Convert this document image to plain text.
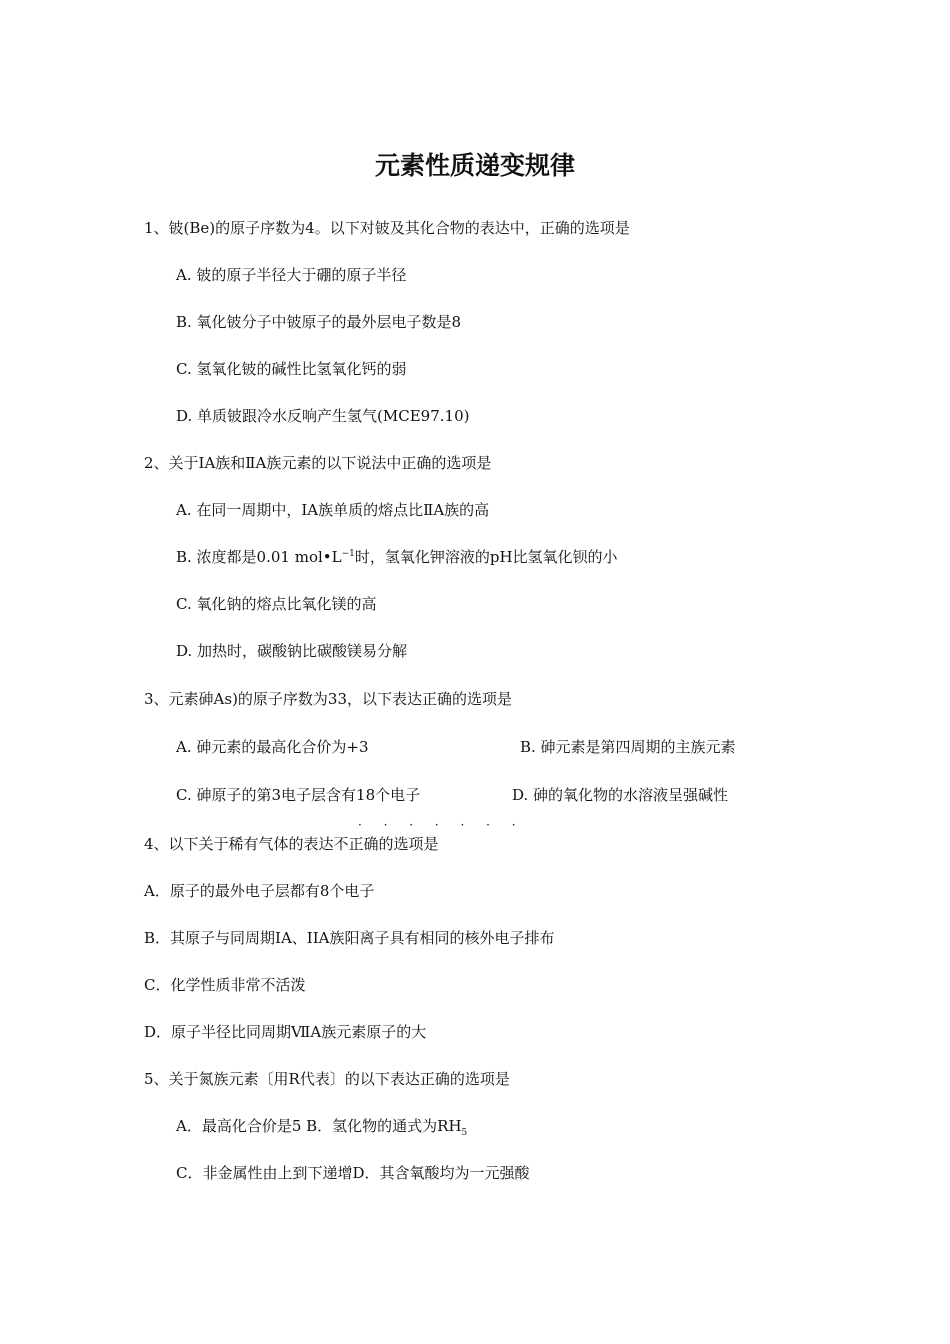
元素性质递变规律
1、铍(Be)的原子序数为4。以下对铍及其化合物的表达中，正确的选项是
A. 铍的原子半径大于硼的原子半径
B. 氧化铍分子中铍原子的最外层电子数是8
C. 氢氧化铍的碱性比氢氧化钙的弱
D. 单质铍跟冷水反响产生氢气(MCE97.10)
2、关于ⅠA族和ⅡA族元素的以下说法中正确的选项是
A. 在同一周期中，ⅠA族单质的熔点比ⅡA族的高
B. 浓度都是0.01 $mol•L^{-1}$时，氢氧化钾溶液的pH比氢氧化钡的小
C. 氧化钠的熔点比氧化镁的高
D. 加热时，碳酸钠比碳酸镁易分解
3、元素砷As)的原子序数为33，以下表达正确的选项是
A. 砷元素的最高化合价为+3	B. 砷元素是第四周期的主族元素
C. 砷原子的第3电子层含有18个电子	D. 砷的氧化物的水溶液呈强碱性
· · · · · · ·
4、以下关于稀有气体的表达不正确的选项是
A．原子的最外电子层都有8个电子
B．其原子与同周期IA、IIA族阳离子具有相同的核外电子排布
C．化学性质非常不活泼
D．原子半径比同周期ⅦA族元素原子的大
5、关于氮族元素〔用R代表〕的以下表达正确的选项是
A．最高化合价是5 B．氢化物的通式为$RH_5$
C．非金属性由上到下递增D．其含氧酸均为一元强酸
